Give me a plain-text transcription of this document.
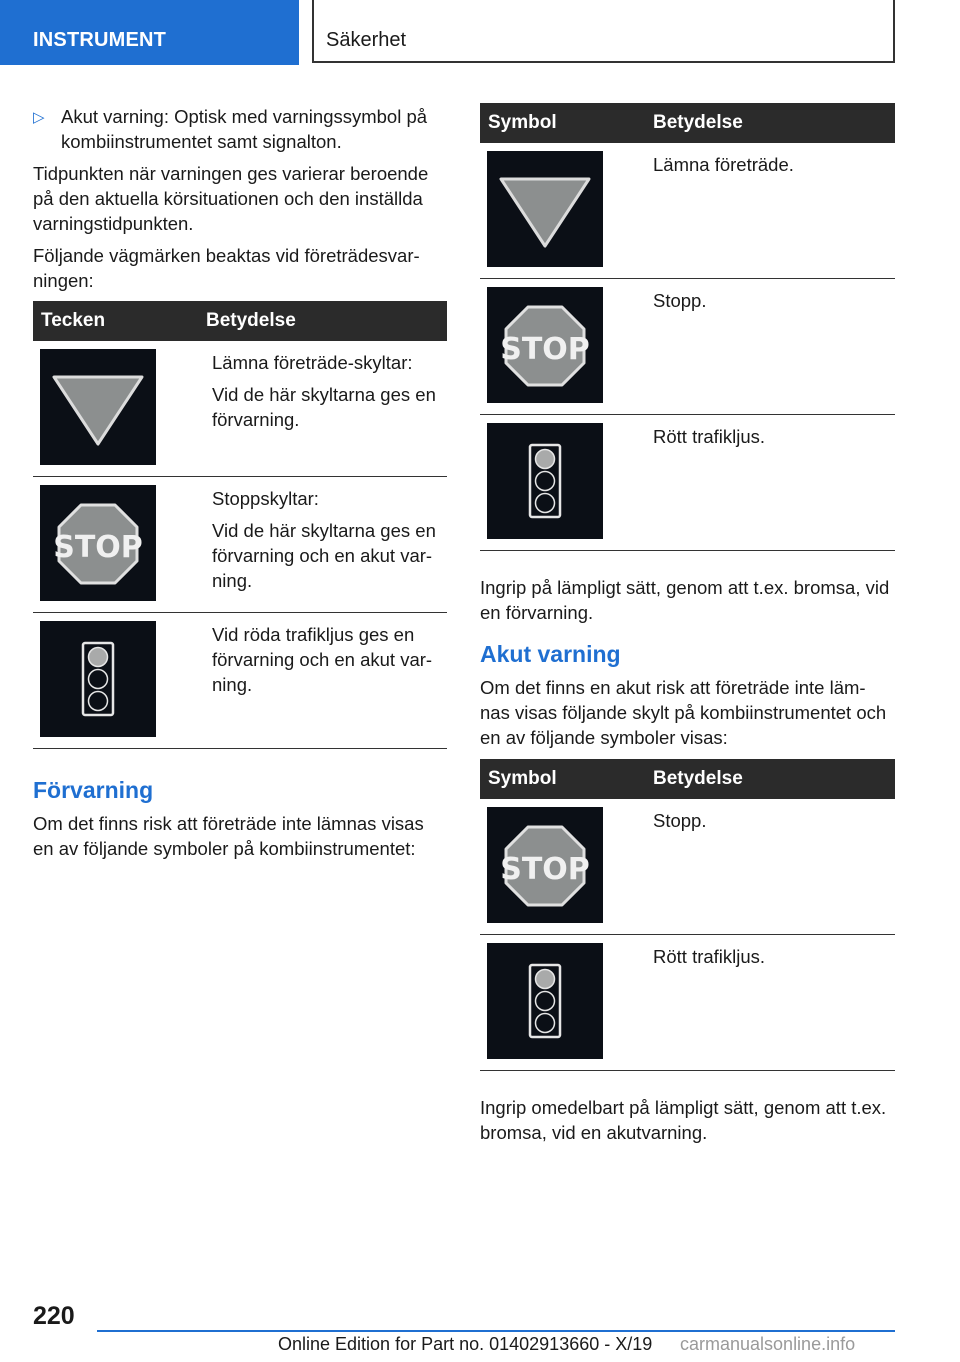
INSTRUMENT	Säkerhet
▷ Akut varning: Optisk med varningssymbol på kombiinstrumentet samt signalton.

Tidpunkten när varningen ges varierar beroende på den aktuella körsituationen och den inställda varningstidpunkten.

Följande vägmärken beaktas vid företrädesvar-ningen:

Tecken	Betydelse

Lämna företräde-skyltar:
Vid de här skyltarna ges en förvarning.

Stoppskyltar:
Vid de här skyltarna ges en förvarning och en akut var-ning.

Vid röda trafikljus ges en förvarning och en akut var-ning.
Förvarning

Om det finns risk att företräde inte lämnas visas en av följande symboler på kombiinstrumentet:

Symbol	Betydelse

Lämna företräde.

Stopp.

Rött trafikljus.

Ingrip på lämpligt sätt, genom att t.ex. bromsa, vid en förvarning.

Akut varning

Om det finns en akut risk att företräde inte läm-nas visas följande skylt på kombiinstrumentet och en av följande symboler visas:

Symbol	Betydelse

Stopp.

Rött trafikljus.

Ingrip omedelbart på lämpligt sätt, genom att t.ex. bromsa, vid en akutvarning.

220
Online Edition for Part no. 01402913660 - X/19 carmanualsonline.info
